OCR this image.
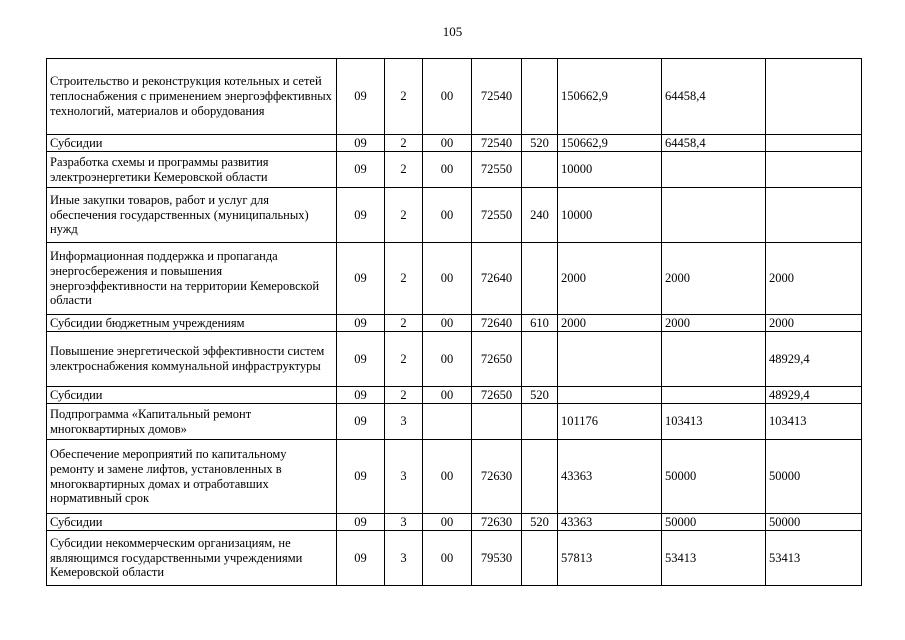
105
Строительство и реконструкция котельных и сетей теплоснабжения с применением энергоэффективных технологий, материалов и оборудования	09	2	00	72540		150662,9	64458,4	
Субсидии	09	2	00	72540	520	150662,9	64458,4	
Разработка схемы и программы развития электроэнергетики Кемеровской области	09	2	00	72550		10000		
Иные закупки товаров, работ и услуг для обеспечения государственных (муниципальных) нужд	09	2	00	72550	240	10000		
Информационная поддержка и пропаганда энергосбережения и повышения энергоэффективности на территории Кемеровской области	09	2	00	72640		2000	2000	2000
Субсидии бюджетным учреждениям	09	2	00	72640	610	2000	2000	2000
Повышение энергетической эффективности систем электроснабжения коммунальной инфраструктуры	09	2	00	72650				48929,4
Субсидии	09	2	00	72650	520			48929,4
Подпрограмма «Капитальный ремонт многоквартирных домов»	09	3				101176	103413	103413
Обеспечение мероприятий по капитальному ремонту и замене лифтов, установленных в многоквартирных домах и отработавших нормативный срок	09	3	00	72630		43363	50000	50000
Субсидии	09	3	00	72630	520	43363	50000	50000
Субсидии некоммерческим организациям, не являющимся государственными учреждениями Кемеровской области	09	3	00	79530		57813	53413	53413
